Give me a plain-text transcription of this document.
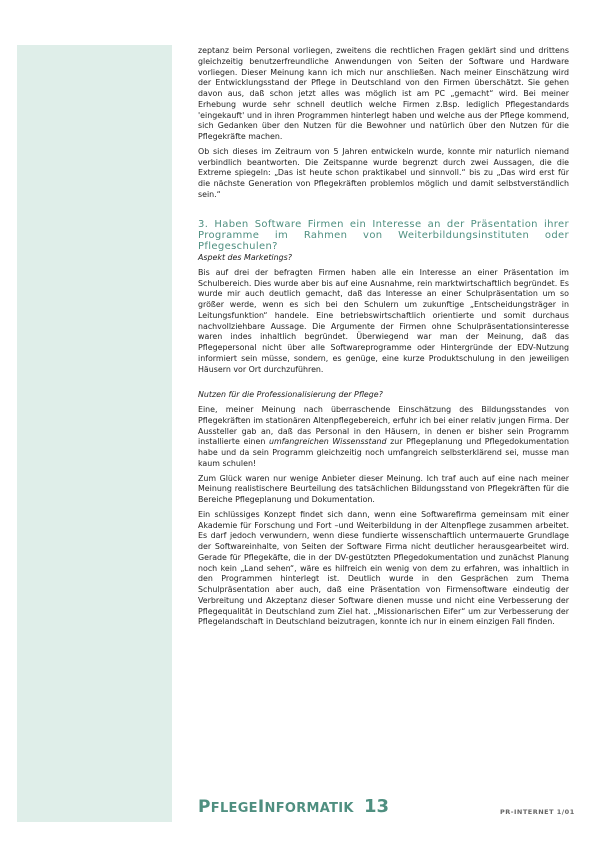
zeptanz beim Personal vorliegen, zweitens die rechtlichen Fragen geklärt sind und drittens gleichzeitig benutzerfreundliche Anwendungen von Seiten der Software und Hardware vorliegen. Dieser Meinung kann ich mich nur anschließen. Nach meiner Einschätzung wird der Entwicklungsstand der Pflege in Deutschland von den Firmen überschätzt. Sie gehen davon aus, daß schon jetzt alles was möglich ist am PC „gemacht“ wird. Bei meiner Erhebung wurde sehr schnell deutlich welche Firmen z.Bsp. lediglich Pflegestandards 'eingekauft' und in ihren Programmen hinterlegt haben und welche aus der Pflege kommend, sich Gedanken über den Nutzen für die Bewohner und natürlich über den Nutzen für die Pflegekräfte machen.

Ob sich dieses im Zeitraum von 5 Jahren entwickeln wurde, konnte mir naturlich niemand verbindlich beantworten. Die Zeitspanne wurde begrenzt durch zwei Aussagen, die die Extreme spiegeln: „Das ist heute schon praktikabel und sinnvoll.“ bis zu „Das wird erst für die nächste Generation von Pflegekräften problemlos möglich und damit selbstverständlich sein.“

3. Haben Software Firmen ein Interesse an der Präsentation ihrer Programme im Rahmen von Weiterbildungsinstituten oder Pflegeschulen?
Aspekt des Marketings?

Bis auf drei der befragten Firmen haben alle ein Interesse an einer Präsentation im Schulbereich. Dies wurde aber bis auf eine Ausnahme, rein marktwirtschaftlich begründet. Es wurde mir auch deutlich gemacht, daß das Interesse an einer Schulpräsentation um so größer werde, wenn es sich bei den Schulern um zukunftige „Entscheidungsträger in Leitungsfunktion“ handele. Eine betriebswirtschaftlich orientierte und somit durchaus nachvollziehbare Aussage. Die Argumente der Firmen ohne Schulpräsentationsinteresse waren indes inhaltlich begründet. Überwiegend war man der Meinung, daß das Pflegepersonal nicht über alle Softwareprogramme oder Hintergründe der EDV-Nutzung informiert sein müsse, sondern, es genüge, eine kurze Produktschulung in den jeweiligen Häusern vor Ort durchzuführen.

Nutzen für die Professionalisierung der Pflege?

Eine, meiner Meinung nach überraschende Einschätzung des Bildungsstandes von Pflegekräften im stationären Altenpflegebereich, erfuhr ich bei einer relativ jungen Firma. Der Aussteller gab an, daß das Personal in den Häusern, in denen er bisher sein Programm installierte einen umfangreichen Wissensstand zur Pflegeplanung und Pflegedokumentation habe und da sein Programm gleichzeitig noch umfangreich selbsterklärend sei, musse man kaum schulen!

Zum Glück waren nur wenige Anbieter dieser Meinung. Ich traf auch auf eine nach meiner Meinung realistischere Beurteilung des tatsächlichen Bildungsstand von Pflegekräften für die Bereiche Pflegeplanung und Dokumentation.

Ein schlüssiges Konzept findet sich dann, wenn eine Softwarefirma gemeinsam mit einer Akademie für Forschung und Fort –und Weiterbildung in der Altenpflege zusammen arbeitet. Es darf jedoch verwundern, wenn diese fundierte wissenschaftlich untermauerte Grundlage der Softwareinhalte, von Seiten der Software Firma nicht deutlicher herausgearbeitet wird. Gerade für Pflegekäfte, die in der DV-gestützten Pflegedokumentation und zunächst Planung noch kein „Land sehen“, wäre es hilfreich ein wenig von dem zu erfahren, was inhaltlich in den Programmen hinterlegt ist. Deutlich wurde in den Gesprächen zum Thema Schulpräsentation aber auch, daß eine Präsentation von Firmensoftware eindeutig der Verbreitung und Akzeptanz dieser Software dienen musse und nicht eine Verbesserung der Pflegequalität in Deutschland zum Ziel hat. „Missionarischen Eifer“ um zur Verbesserung der Pflegelandschaft in Deutschland beizutragen, konnte ich nur in einem einzigen Fall finden.

PFLEGEINFORMATIK 13	PR-INTERNET 1/01
